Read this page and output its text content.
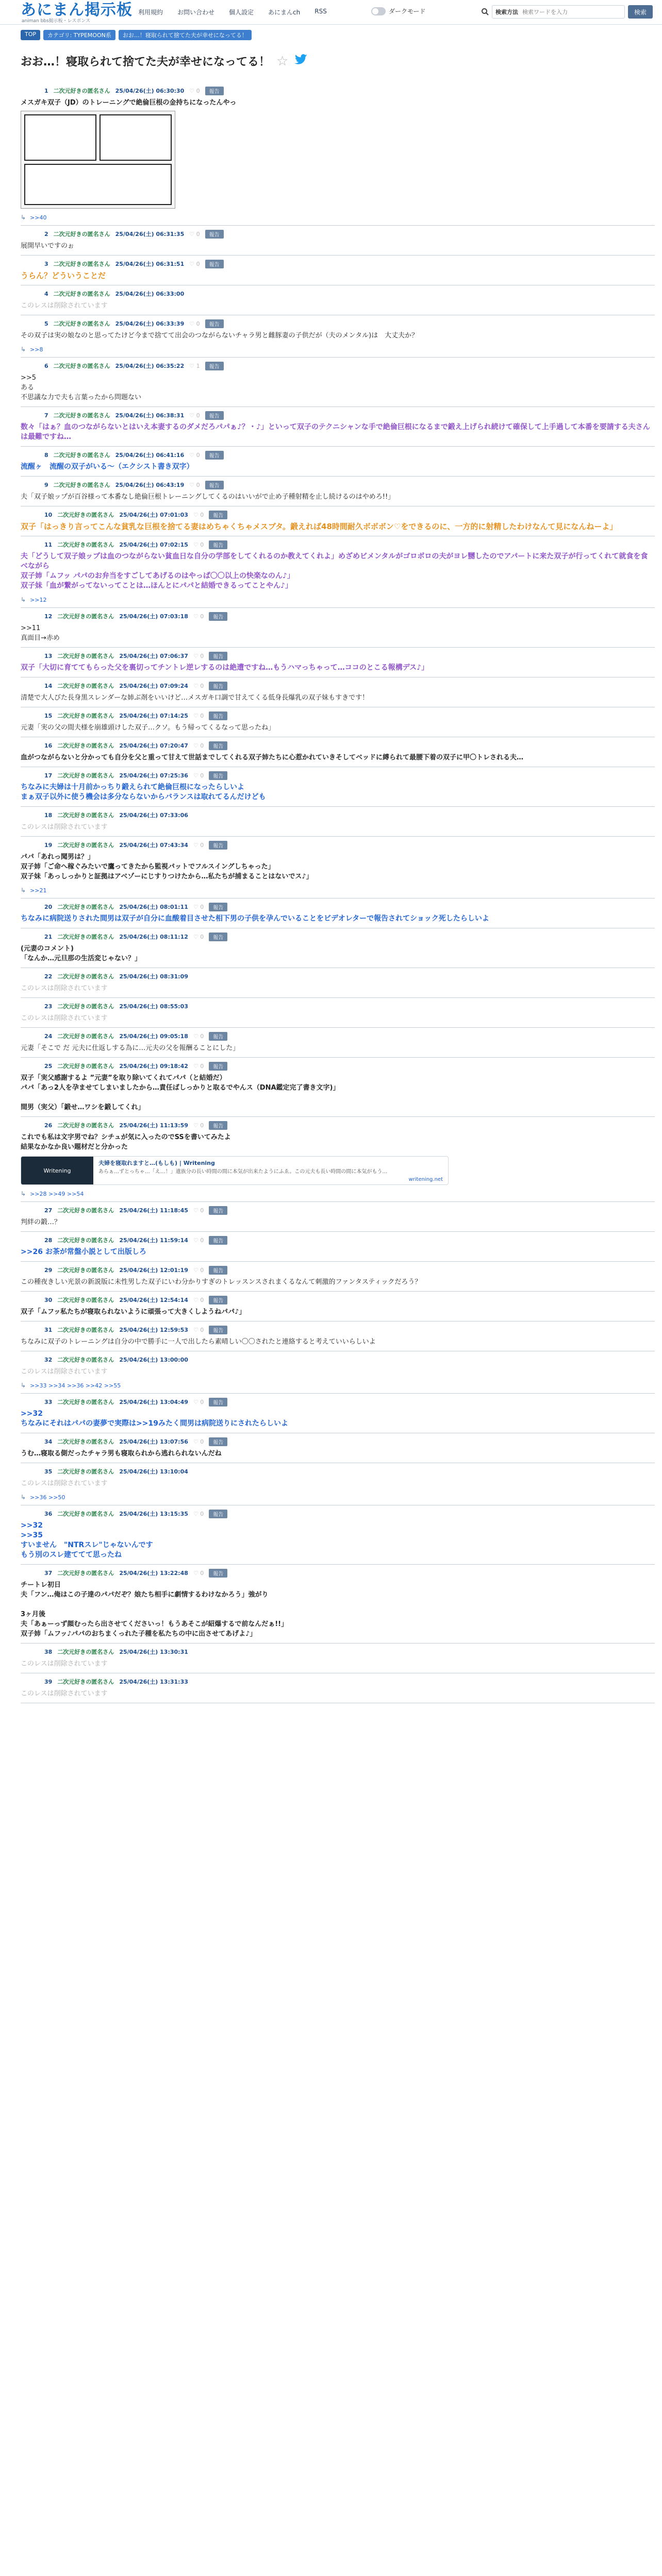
あにまん掲示板
animan bbs掲示板・レスポンス
利用規約 お問い合わせ 個人設定 あにまんch RSS	ダークモード	検索方法
検索ワードを入力	検索
TOP	カテゴリ: TYPEMOON系	おお…！寝取られて捨てた夫が幸せになってる！
おお…！寝取られて捨てた夫が幸せになってる！ ☆
1 二次元好きの匿名さん 25/04/26(土) 06:30:30 ♡ 0	報告
メスガキ双子（JD）のトレーニングで絶倫巨根の金持ちになったんやっ
↳ >>40
2 二次元好きの匿名さん 25/04/26(土) 06:31:35 ♡ 0	報告
展開早いですのぉ
3 二次元好きの匿名さん 25/04/26(土) 06:31:51 ♡ 0	報告
うらん？どういうことだ
4 二次元好きの匿名さん 25/04/26(土) 06:33:00
このレスは削除されています
5 二次元好きの匿名さん 25/04/26(土) 06:33:39 ♡ 0	報告
その双子は実の娘なのと思ってたけど今まで捨てて出会のつながらないチャラ男と雌豚妻の子供だが（夫のメンタル)は　大丈夫か？
↳ >>8
6 二次元好きの匿名さん 25/04/26(土) 06:35:22 ♡ 1	報告
>>5
ある
不思議な力で夫も言葉ったから問題ない
7 二次元好きの匿名さん 25/04/26(土) 06:38:31 ♡ 0	報告
数々「はぁ？血のつながらないとはいえ本妻するのダメだろパパぁ♪？・♪」といって双子のテクニシャンな手で絶倫巨根になるまで鍛え上げられ続けて確保して上手過して本番を要請する夫さんは最難ですね…
8 二次元好きの匿名さん 25/04/26(土) 06:41:16 ♡ 0	報告
流醒ヶ　流醒の双子がいる～（エクシスト書き双字）
9 二次元好きの匿名さん 25/04/26(土) 06:43:19 ♡ 0	報告
夫「双子娘ップが百谷様って本番なし絶倫巨根トレーニングしてくるのはいいがで止め子種射精を止し続けるのはやめろ!!」
10 二次元好きの匿名さん 25/04/26(土) 07:01:03 ♡ 0	報告
双子「はっきり言ってこんな貧乳な巨根を捨てる妻はめちゃくちゃメスブタ。鍛えれば48時間耐久ボボボン♡をできるのに、一方的に射精したわけなんて見になんねーよ」
11 二次元好きの匿名さん 25/04/26(土) 07:02:15 ♡ 0	報告
夫「どうして双子娘ップは血のつながらない貧血日な自分の学部をしてくれるのか教えてくれよ」めざめビメンタルがゴロボロの夫がヨレ嬲したのでアパートに来た双子が行ってくれて就食を食べながら
双子姉「ムフッ パパのお弁当をすごしてあげるのはやっぱ〇〇以上の快楽なのん♪」
双子妹「血が繋がってないってことは…ほんとにパパと結婚できるってことやん♪」
↳ >>12
12 二次元好きの匿名さん 25/04/26(土) 07:03:18 ♡ 0	報告
>>11
真面目→赤め
13 二次元好きの匿名さん 25/04/26(土) 07:06:37 ♡ 0	報告
双子「大切に育ててもらった父を裏切ってチントレ逆レするのは絶遭ですね…もうハマっちゃって…ココのとこる報構デス♪」
14 二次元好きの匿名さん 25/04/26(土) 07:09:24 ♡ 0	報告
清楚で大人びた長身黒スレンダーな姉ぶ剤をいいけど…メスガキ口調で甘えてくる低身長爆乳の双子妹もすきです！
15 二次元好きの匿名さん 25/04/26(土) 07:14:25 ♡ 0	報告
元妻「実の父の間夫様を崩雄頭けした双子…クソ。もう帰ってくるなって思ったね」
16 二次元好きの匿名さん 25/04/26(土) 07:20:47 ♡ 0	報告
血がつながらないと分かっても自分を父と重って甘えて世話までしてくれる双子姉たちに心惹かれていきそしてベッドに縛られて最腰下着の双子に甲〇トレされる夫…
17 二次元好きの匿名さん 25/04/26(土) 07:25:36 ♡ 0	報告
ちなみに夫婦は十月前かっちり鍛えられて絶倫巨根になったらしいよ
まぁ双子以外に使う機会は多分ならないからバランスは取れてるんだけども
18 二次元好きの匿名さん 25/04/26(土) 07:33:06
このレスは削除されています
19 二次元好きの匿名さん 25/04/26(土) 07:43:34 ♡ 0	報告
パパ「あれっ聞男は？」
双子姉「ご命へ稼ぐみたいで鷹ってきたから監視パットでフルスイングしちゃった」
双子妹「あっしっかりと証拠はアベゾーにじすりつけたから…私たちが捕まることはないでス♪」
↳ >>21
20 二次元好きの匿名さん 25/04/26(土) 08:01:11 ♡ 0	報告
ちなみに病院送りされた間男は双子が自分に血酸着目させた相下男の子供を孕んでいることをビデオレターで報告されてショック死したらしいよ
21 二次元好きの匿名さん 25/04/26(土) 08:11:12 ♡ 0	報告
(元妻のコメント)
「なんか…元旦那の生活変じゃない？」
22 二次元好きの匿名さん 25/04/26(土) 08:31:09
このレスは削除されています
23 二次元好きの匿名さん 25/04/26(土) 08:55:03
このレスは削除されています
24 二次元好きの匿名さん 25/04/26(土) 09:05:18 ♡ 0	報告
元妻「そこで だ 元夫に仕返しする為に…元夫の父を報酬ることにした」
25 二次元好きの匿名さん 25/04/26(土) 09:18:42 ♡ 0	報告
双子「実父感謝するよ ”元妻”を取り除いてくれてパパ（と結婚だ）
パパ「あっ2人を孕ませてしまいましたから…責任ばしっかりと取るでやんス（DNA鑑定完了書き文字)」

間男（実父）「鍛せ…ワシを鍛してくれ」
26 二次元好きの匿名さん 25/04/26(土) 11:13:59 ♡ 0	報告
これでも私は文字男でね？シチュが気に入ったのでSSを書いてみたよ
結果なかなか良い題材だと分かった
Writening
夫婦を寝取れますと…(もしも) | Writening
あらぁ…ずとっちゃ…「え…！」遺族分の長い時間の間に本気が出来たようにふゑ。この元夫も長い時間の間に本気がもう…
writening.net
↳ >>28 >>49 >>54
27 二次元好きの匿名さん 25/04/26(土) 11:18:45 ♡ 0	報告
判絆の鍛…？
28 二次元好きの匿名さん 25/04/26(土) 11:59:14 ♡ 0	報告
>>26 お茶が常盤小説として出版しろ
29 二次元好きの匿名さん 25/04/26(土) 12:01:19 ♡ 0	報告
この種夜きしい光景の新説版に未性男した双子にいわ分かりすぎのトレッスンスされまくるなんて刺激的ファンタスティックだろう？
30 二次元好きの匿名さん 25/04/26(土) 12:54:14 ♡ 0	報告
双子「ムフッ私たちが寝取られないように頑張って大きくしようねパパ♪」
31 二次元好きの匿名さん 25/04/26(土) 12:59:53 ♡ 0	報告
ちなみに双子のトレーニングは自分の中で勝手に一人で出したら素晴しい〇〇されたと連絡すると考えていいらしいよ
32 二次元好きの匿名さん 25/04/26(土) 13:00:00
このレスは削除されています
↳ >>33 >>34 >>36 >>42 >>55
33 二次元好きの匿名さん 25/04/26(土) 13:04:49 ♡ 0	報告
>>32
ちなみにそれはパパの妻夢で実際は>>19みたく間男は病院送りにされたらしいよ
34 二次元好きの匿名さん 25/04/26(土) 13:07:56 ♡ 0	報告
うむ…寝取る側だったチャラ男も寝取られから逃れられないんだね
35 二次元好きの匿名さん 25/04/26(土) 13:10:04
このレスは削除されています
↳ >>36 >>50
36 二次元好きの匿名さん 25/04/26(土) 13:15:35 ♡ 0	報告
>>32
>>35
すいません　"NTRスレ"じゃないんです
もう別のスレ建ててて思ったね
37 二次元好きの匿名さん 25/04/26(土) 13:22:48 ♡ 0	報告
チートレ初日
夫「フン…俺はこの子達のパパだぞ？娘たち相手に劇情するわけなかろう」強がり

3ヶ月後
夫「あぁーっず顔むったら出させてくださいっ！もうあそこが紹爆するで前なんだぁ!!」
双子姉「ムフッ♪パパのおちまくっれた子種を私たちの中に出させてあげよ♪」
38 二次元好きの匿名さん 25/04/26(土) 13:30:31
このレスは削除されています
39 二次元好きの匿名さん 25/04/26(土) 13:31:33
このレスは削除されています
